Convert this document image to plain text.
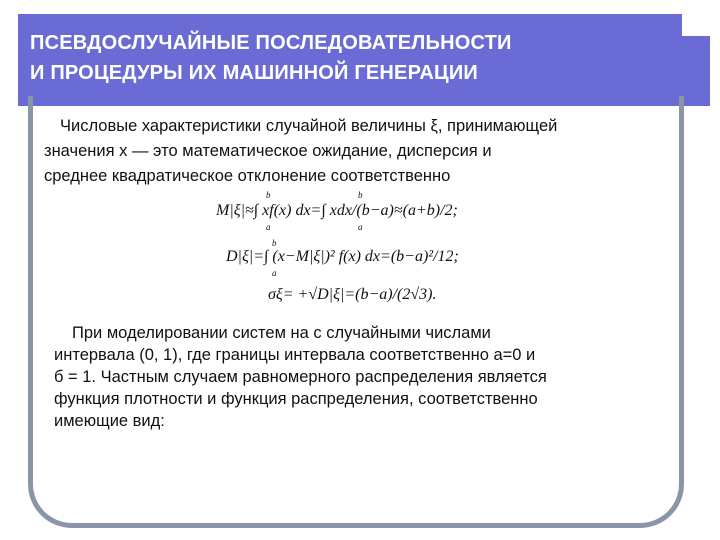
ПСЕВДОСЛУЧАЙНЫЕ ПОСЛЕДОВАТЕЛЬНОСТИ
И ПРОЦЕДУРЫ ИХ МАШИННОЙ ГЕНЕРАЦИИ
Числовые характеристики случайной величины ξ, принимающей
значения x — это математическое ожидание, дисперсия и
среднее квадратическое отклонение соответственно
b	b
M|ξ|≈∫ xf(x) dx=∫ xdx/(b−a)≈(a+b)/2;
a	a
b
D|ξ|=∫ (x−M|ξ|)² f(x) dx=(b−a)²/12;
a
σξ= +√D|ξ|=(b−a)/(2√3).
При моделировании систем на с случайными числами
интервала (0, 1), где границы интервала соответственно а=0 и
б = 1. Частным случаем равномерного распределения является
функция плотности и функция распределения, соответственно
имеющие вид:
